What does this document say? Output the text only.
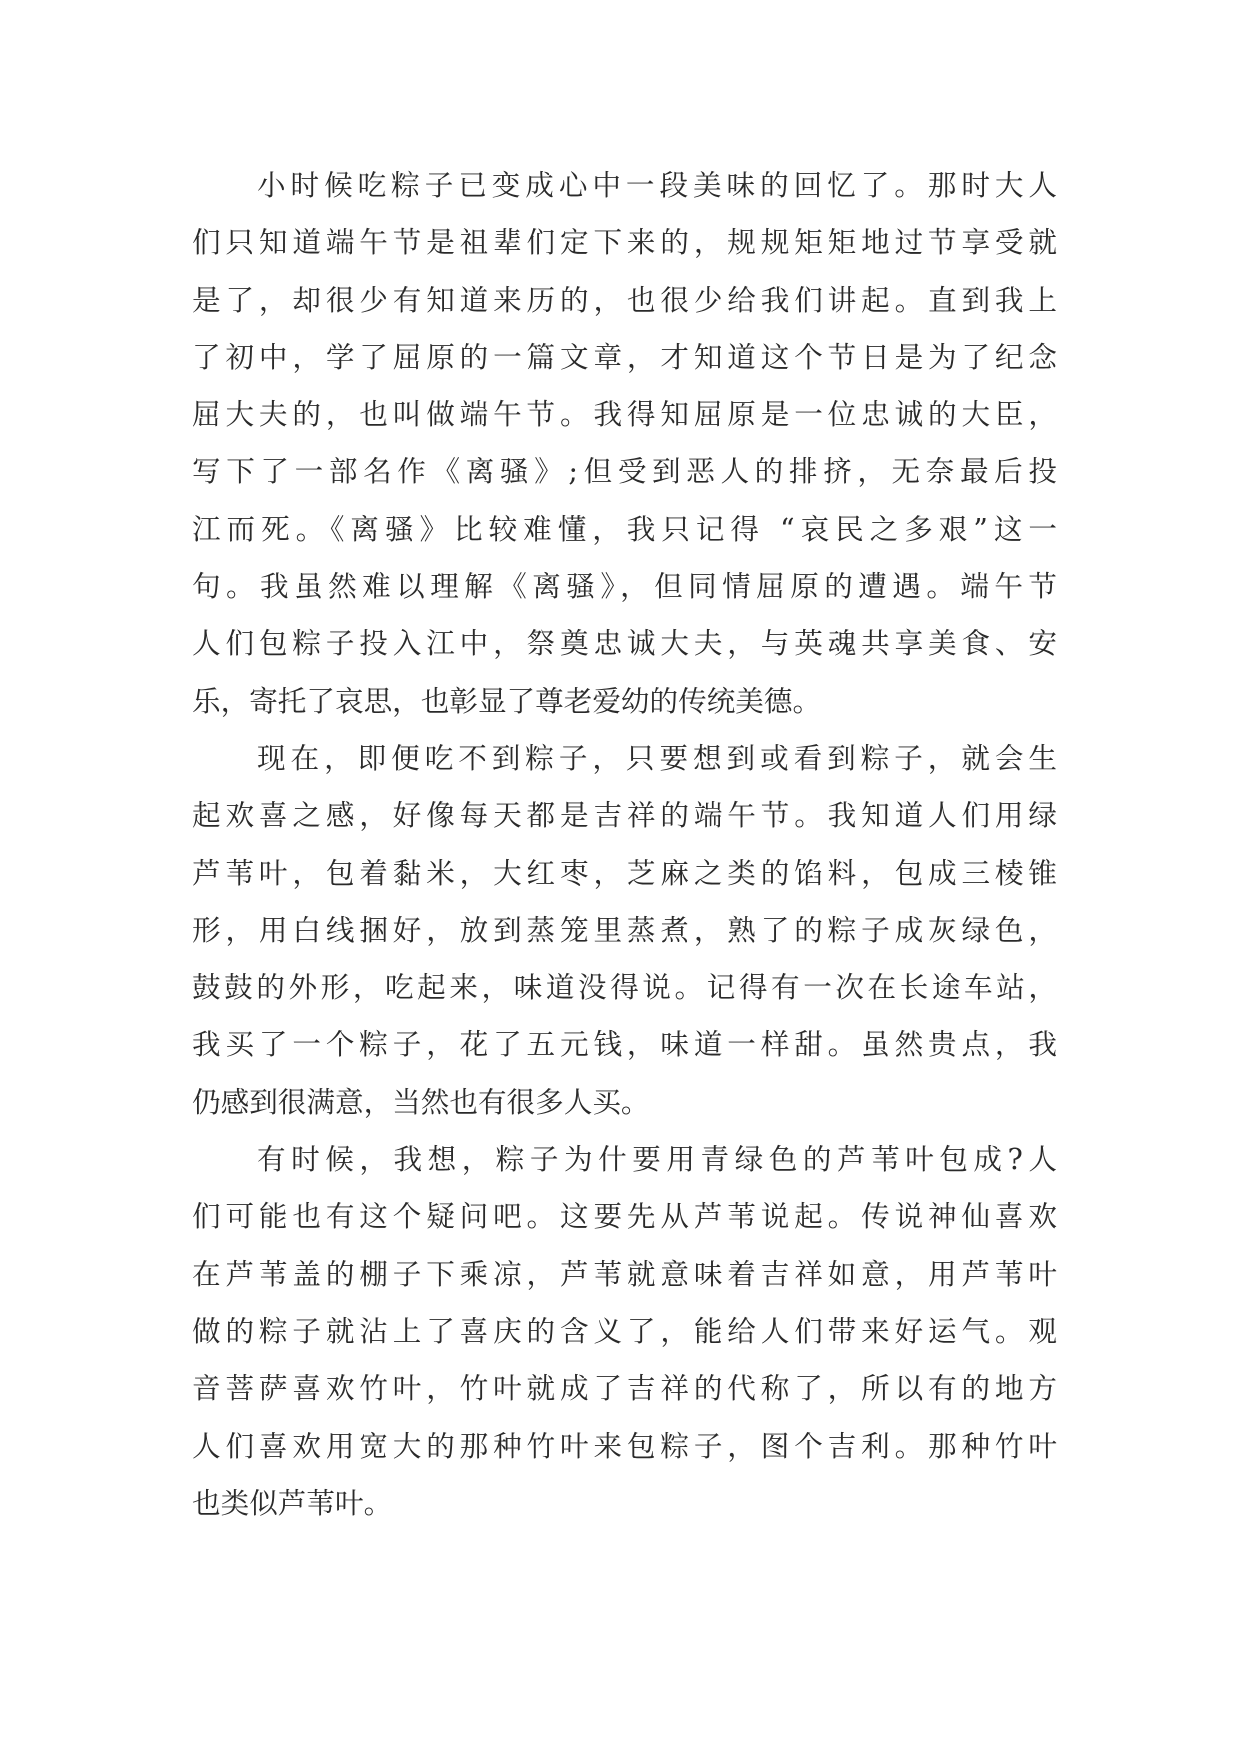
小时候吃粽子已变成心中一段美味的回忆了。那时大人
们只知道端午节是祖辈们定下来的，规规矩矩地过节享受就
是了，却很少有知道来历的，也很少给我们讲起。直到我上
了初中，学了屈原的一篇文章，才知道这个节日是为了纪念
屈大夫的，也叫做端午节。我得知屈原是一位忠诚的大臣，
写下了一部名作《离骚》;但受到恶人的排挤，无奈最后投
江而死。《离骚》比较难懂，我只记得 “哀民之多艰”这一
句。我虽然难以理解《离骚》，但同情屈原的遭遇。端午节
人们包粽子投入江中，祭奠忠诚大夫，与英魂共享美食、安
乐，寄托了哀思，也彰显了尊老爱幼的传统美德。
现在，即便吃不到粽子，只要想到或看到粽子，就会生
起欢喜之感，好像每天都是吉祥的端午节。我知道人们用绿
芦苇叶，包着黏米，大红枣，芝麻之类的馅料，包成三棱锥
形，用白线捆好，放到蒸笼里蒸煮，熟了的粽子成灰绿色，
鼓鼓的外形，吃起来，味道没得说。记得有一次在长途车站，
我买了一个粽子，花了五元钱，味道一样甜。虽然贵点，我
仍感到很满意，当然也有很多人买。
有时候，我想，粽子为什要用青绿色的芦苇叶包成?人
们可能也有这个疑问吧。这要先从芦苇说起。传说神仙喜欢
在芦苇盖的棚子下乘凉，芦苇就意味着吉祥如意，用芦苇叶
做的粽子就沾上了喜庆的含义了，能给人们带来好运气。观
音菩萨喜欢竹叶，竹叶就成了吉祥的代称了，所以有的地方
人们喜欢用宽大的那种竹叶来包粽子，图个吉利。那种竹叶
也类似芦苇叶。
